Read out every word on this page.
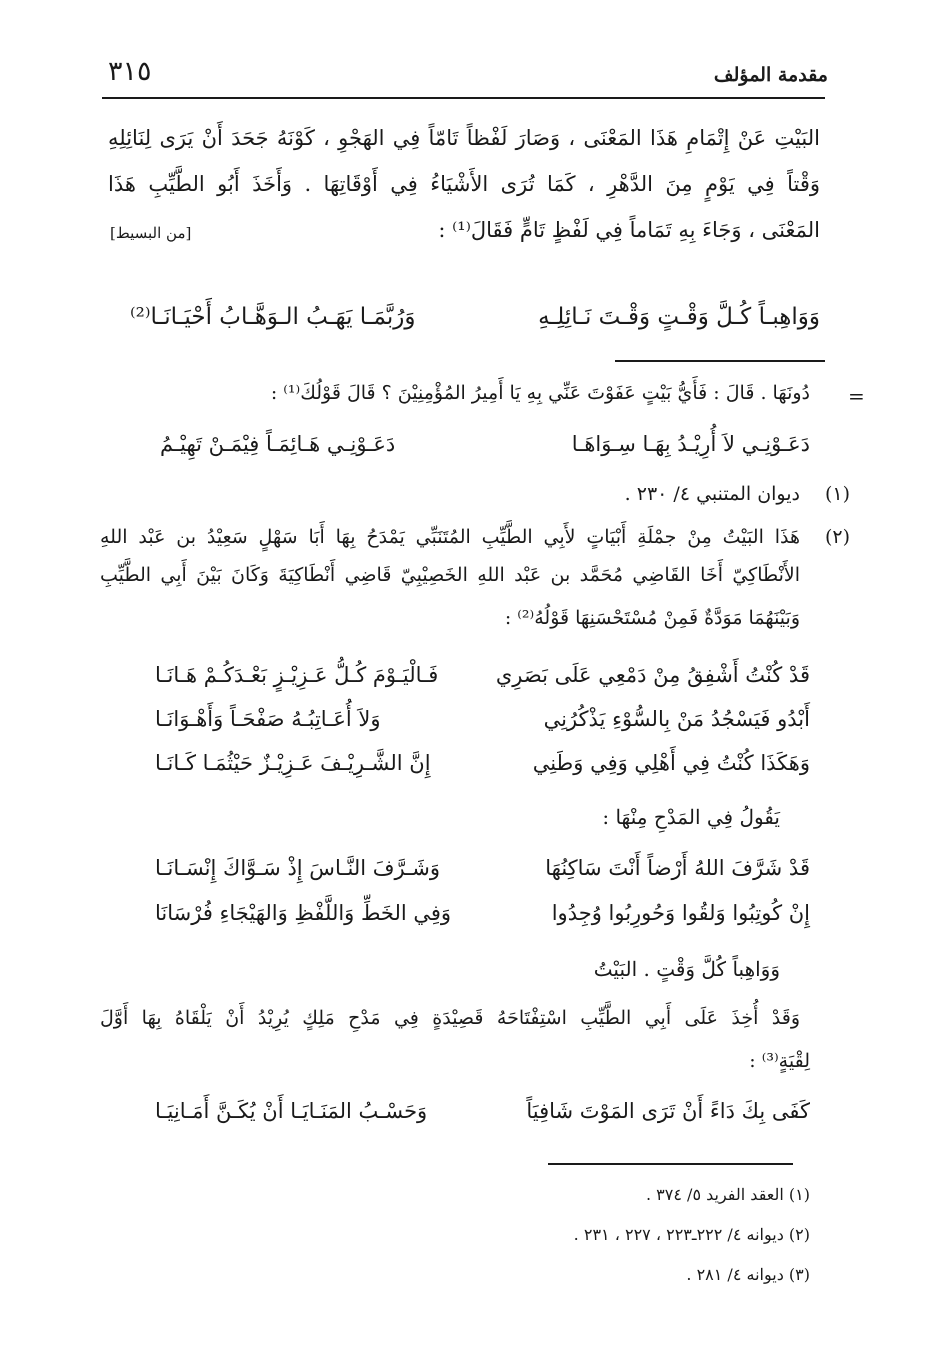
٣١٥	مقدمة المؤلف
البَيْتِ عَنْ إِتْمَامِ هَذَا المَعْنَى ، وَصَارَ لَفْظاً تَامّاً فِي الهَجْوِ ، كَوْنَهُ جَحَدَ أَنْ يَرَى لِنَائِلِهِ
وَقْتاً فِي يَوْمٍ مِنَ الدَّهْرِ ، كَمَا تُرَى الأَشْيَاءُ فِي أَوْقَاتِهَا . وَأَخَذَ أَبُو الطَّيِّبِ هَذَا
المَعْنَى ، وَجَاءَ بِهِ تَمَاماً فِي لَفْظٍ تَامٍّ فَقَالَ⁽¹⁾ :
[من البسيط]
وَوَاهِبـاً كُـلَّ وَقْـتٍ وَقْـتَ نَـائِلِـهِ
وَرُبَّمَـا يَهَـبُ الـوَهَّـابُ أَحْيَـانَـا⁽²⁾
=
دُونَهَا . قَالَ : فَأَيُّ بَيْتٍ عَفَوْتَ عَنِّي بِهِ يَا أَمِيرُ المُؤْمِنِيْنَ ؟ قَالَ قَوْلُكَ⁽¹⁾ :
دَعَـوْنِـي لاَ أُرِيْـدُ بِهَـا سِـوَاهَـا
دَعَـوْنِـي هَـائِمَـاً فِيْمَـنْ تَهِيْـمُ
(١)
ديوان المتنبي ٤/ ٢٣٠ .
(٢)
هَذَا البَيْتُ مِنْ جمْلَةِ أَبْيَاتٍ لأَبِي الطَّيِّبِ المُتَنَبِّي يَمْدَحُ بِهَا أَبَا سَهْلٍ سَعِيْدُ بن عَبْد اللهِ
الأَنْطَاكِيّ أَخَا القَاضِي مُحَمَّد بن عَبْد اللهِ الخَصِيْبِيّ قَاضِي أَنْطَاكِيَةَ وَكَانَ بَيْنَ أَبِي الطَّيِّبِ
وَبَيْنَهُمَا مَوَدَّةٌ فَمِنْ مُسْتَحْسَنِهَا قَوْلُهُ⁽²⁾ :
قَدْ كُنْتُ أَشْفِقُ مِنْ دَمْعِي عَلَى بَصَرِي
فَـالْيَـوْمَ كُـلُّ عَـزِيْـزٍ بَعْـدَكُـمْ هَـانَـا
أَبْدُو فَيَسْجُدُ مَنْ بِالسُّوْءِ يَذْكُرُنِي
وَلاَ أُعَـاتِبُـهُ صَفْحَـاً وَأَهْـوَانَـا
وَهَكَذَا كُنْتُ فِي أَهْلِي وَفِي وَطَنِي
إِنَّ الشَّـرِيْـفَ عَـزِيْـزٌ حَيْثُمَـا كَـانَـا
يَقُولُ فِي المَدْحِ مِنْهَا :
قَدْ شَرَّفَ اللهُ أَرْضاً أَنْتَ سَاكِنُهَا
وَشَـرَّفَ النَّـاسَ إِذْ سَـوَّاكَ إِنْسَـانَـا
إِنْ كُوتِبُوا وَلقُوا وَحُورِبُوا وُجِدُوا
وَفِي الخَطِّ وَاللَّفْظِ وَالهَيْجَاءِ فُرْسَانَا
وَوَاهِباً كُلَّ وَقْتٍ . البَيْتُ
وَقَدْ أُخِذَ عَلَى أَبِي الطَّيِّبِ اسْتِفْتَاحَهُ قَصِيْدَةٍ فِي مَدْحِ مَلِكٍ يُرِيْدُ أَنْ يَلْقَاهُ بِهَا أَوَّلَ
لِقْيَةٍ⁽³⁾ :
كَفَى بِكَ دَاءً أَنْ تَرَى المَوْتَ شَافِيَاً
وَحَسْـبُ المَنَـايَـا أَنْ يُكَـنَّ أَمَـانِيَـا
(١) العقد الفريد ٥/ ٣٧٤ .
(٢) ديوانه ٤/ ٢٢٢ـ٢٢٣ ، ٢٢٧ ، ٢٣١ .
(٣) ديوانه ٤/ ٢٨١ .
